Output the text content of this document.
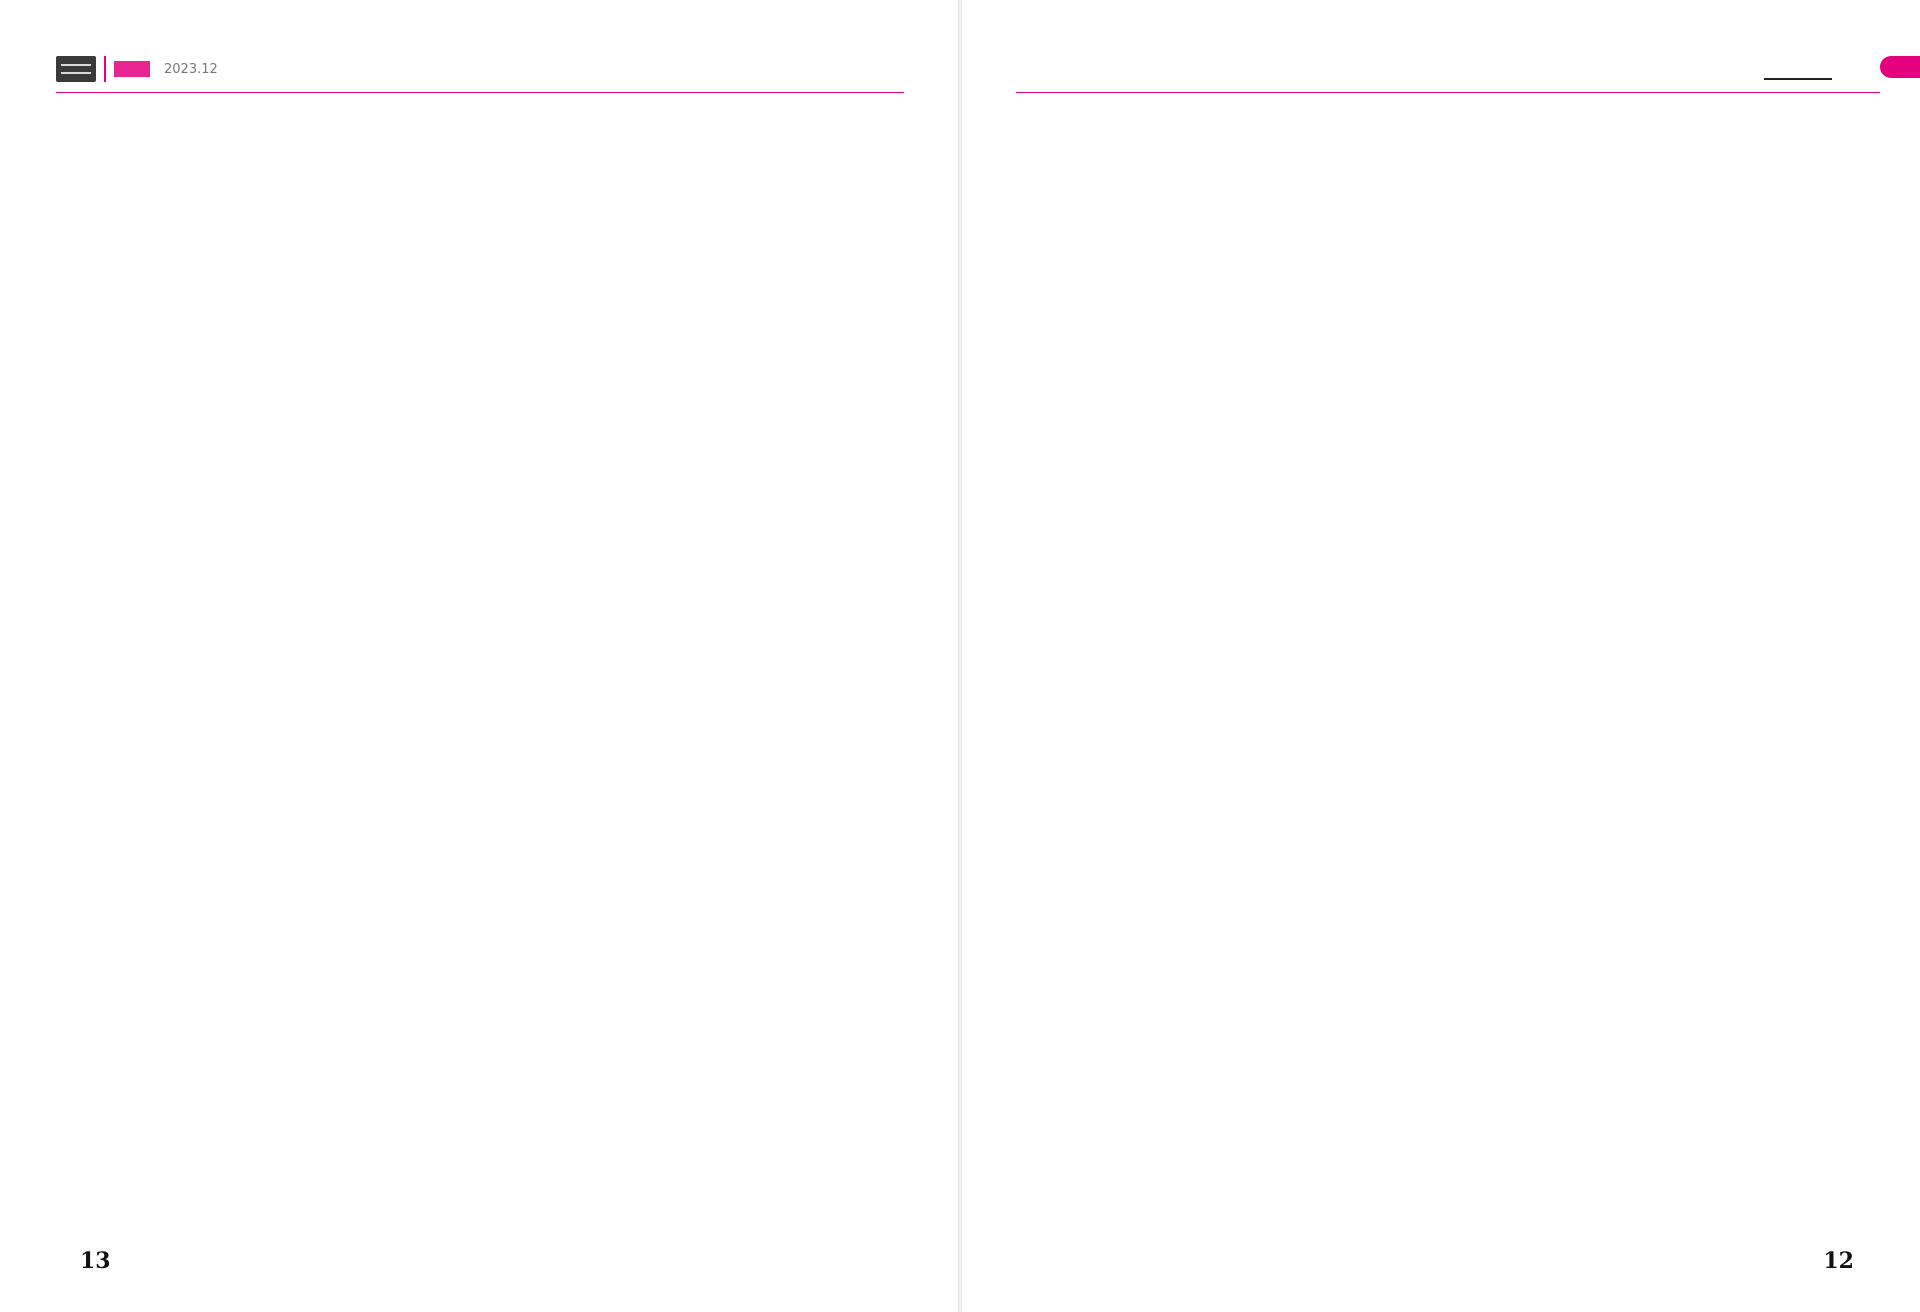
2023.12

13	12
